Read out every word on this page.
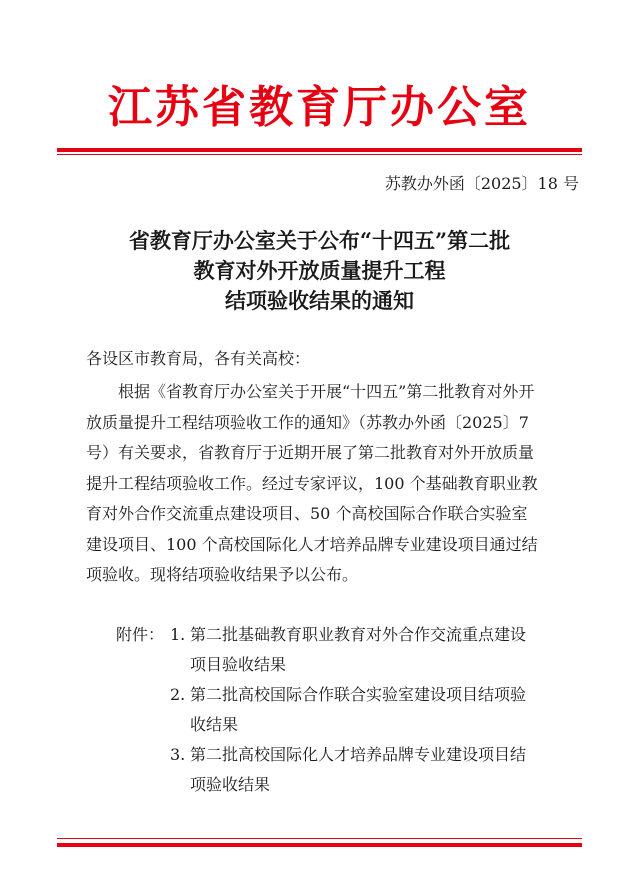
江苏省教育厅办公室
苏教办外函〔2025〕18 号
省教育厅办公室关于公布“十四五”第二批
教育对外开放质量提升工程
结项验收结果的通知
各设区市教育局，各有关高校：
根据《省教育厅办公室关于开展“十四五”第二批教育对外开
放质量提升工程结项验收工作的通知》（苏教办外函〔2025〕7
号）有关要求，省教育厅于近期开展了第二批教育对外开放质量
提升工程结项验收工作。经过专家评议，100 个基础教育职业教
育对外合作交流重点建设项目、50 个高校国际合作联合实验室
建设项目、100 个高校国际化人才培养品牌专业建设项目通过结
项验收。现将结项验收结果予以公布。
附件： 1. 第二批基础教育职业教育对外合作交流重点建设
项目验收结果
2. 第二批高校国际合作联合实验室建设项目结项验
收结果
3. 第二批高校国际化人才培养品牌专业建设项目结
项验收结果
